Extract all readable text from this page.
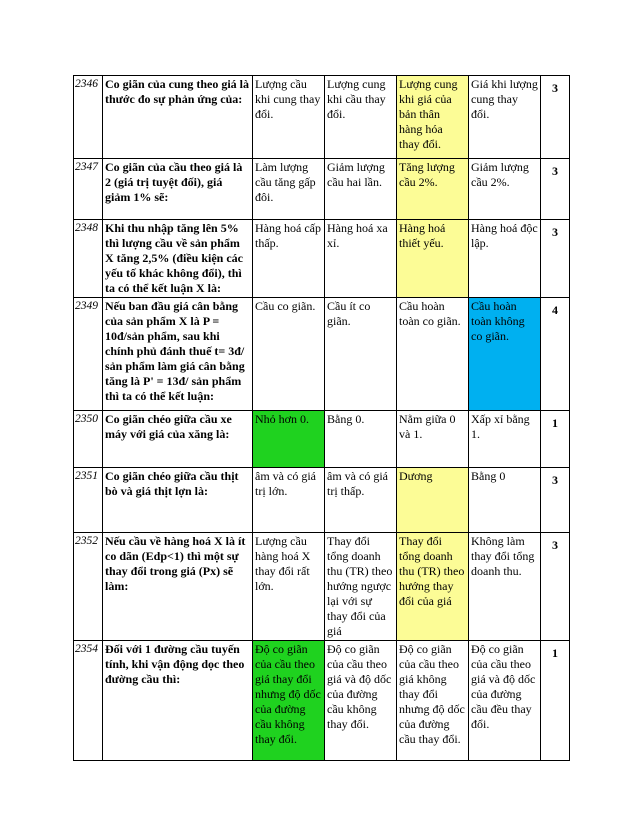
2346	Co giãn của cung theo giá là thước đo sự phản ứng của:	Lượng cầu khi cung thay đổi.	Lượng cung khi cầu thay đổi.	Lượng cung khi giá của bản thân hàng hóa thay đổi.	Giá khi lượng cung thay đổi.	3
2347	Co giãn của cầu theo giá là 2 (giá trị tuyệt đối), giá giảm 1% sẽ:	Làm lượng cầu tăng gấp đôi.	Giảm lượng cầu hai lần.	Tăng lượng cầu 2%.	Giảm lượng cầu 2%.	3
2348	Khi thu nhập tăng lên 5% thì lượng cầu về sản phẩm X tăng 2,5% (điều kiện các yếu tố khác không đổi), thì ta có thể kết luận X là:	Hàng hoá cấp thấp.	Hàng hoá xa xỉ.	Hàng hoá thiết yếu.	Hàng hoá độc lập.	3
2349	Nếu ban đầu giá cân bằng của sản phẩm X là P = 10đ/sản phẩm, sau khi chính phủ đánh thuế t= 3đ/ sản phẩm làm giá cân bằng tăng là P' = 13đ/ sản phẩm thì ta có thể kết luận:	Cầu co giãn.	Cầu ít co giãn.	Cầu hoàn toàn co giãn.	Cầu hoàn toàn không co giãn.	4
2350	Co giãn chéo giữa cầu xe máy với giá của xăng là:	Nhỏ hơn 0.	Bằng 0.	Nằm giữa 0 và 1.	Xấp xỉ bằng 1.	1
2351	Co giãn chéo giữa cầu thịt bò và giá thịt lợn là:	âm và có giá trị lớn.	âm và có giá trị thấp.	Dương	Bằng 0	3
2352	Nếu cầu về hàng hoá X là ít co dãn (Edp<1) thì một sự thay đổi trong giá (Px) sẽ làm:	Lượng cầu hàng hoá X thay đổi rất lớn.	Thay đổi tổng doanh thu (TR) theo hướng ngược lại với sự thay đổi của giá	Thay đổi tổng doanh thu (TR) theo hướng thay đổi của giá	Không làm thay đổi tổng doanh thu.	3
2354	Đối với 1 đường cầu tuyến tính, khi vận động dọc theo đường cầu thì:	Độ co giãn của cầu theo giá thay đổi nhưng độ dốc của đường cầu không thay đổi.	Độ co giãn của cầu theo giá và độ dốc của đường cầu không thay đổi.	Độ co giãn của cầu theo giá không thay đổi nhưng độ dốc của đường cầu thay đổi.	Độ co giãn của cầu theo giá và độ dốc của đường cầu đều thay đổi.	1
